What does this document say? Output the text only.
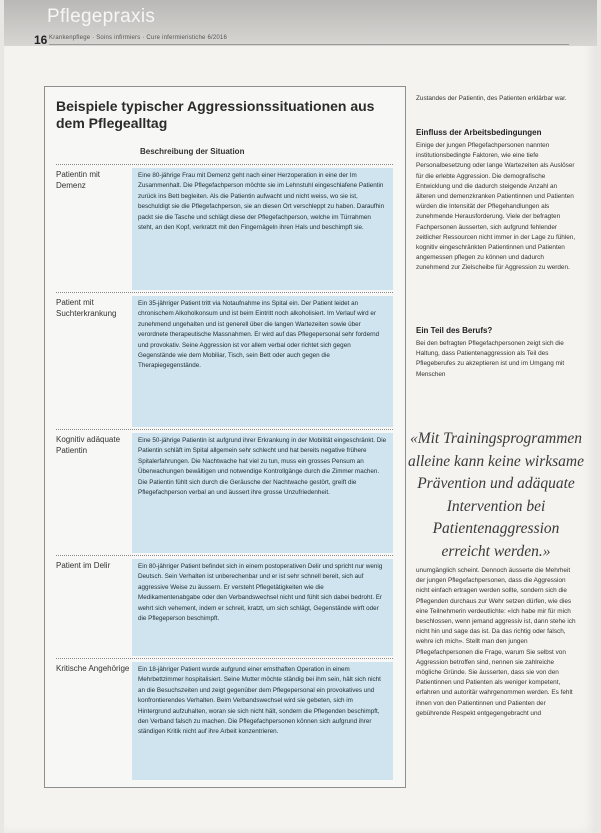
Pflegepraxis
16 Krankenpflege · Soins infirmiers · Cure infermieristiche 6/2016
Beispiele typischer Aggressionssituationen aus dem Pflegealltag
Beschreibung der Situation
Patientin mit Demenz
Eine 80-jährige Frau mit Demenz geht nach einer Herzoperation in eine der Im Zusammenhalt. Die Pflegefachperson möchte sie im Lehnstuhl eingeschlafene Patientin zurück ins Bett begleiten. Als die Patientin aufwacht und nicht weiss, wo sie ist, beschuldigt sie die Pflegefachperson, sie an diesen Ort verschleppt zu haben. Daraufhin packt sie die Tasche und schlägt diese der Pflegefachperson, welche im Türrahmen steht, an den Kopf, verkratzt mit den Fingernägeln ihren Hals und beschimpft sie.
Patient mit Suchterkrankung
Ein 35-jähriger Patient tritt via Notaufnahme ins Spital ein. Der Patient leidet an chronischem Alkoholkonsum und ist beim Eintritt noch alkoholisiert. Im Verlauf wird er zunehmend ungehalten und ist generell über die langen Wartezeiten sowie über verordnete therapeutische Massnahmen. Er wird auf das Pflegepersonal sehr fordernd und provokativ. Seine Aggression ist vor allem verbal oder richtet sich gegen Gegenstände wie dem Mobiliar, Tisch, sein Bett oder auch gegen die Therapiegegenstände.
Kognitiv adäquate Patientin
Eine 50-jährige Patientin ist aufgrund ihrer Erkrankung in der Mobilität eingeschränkt. Die Patientin schläft im Spital allgemein sehr schlecht und hat bereits negative frühere Spitalerfahrungen. Die Nachtwache hat viel zu tun, muss ein grosses Pensum an Überwachungen bewältigen und notwendige Kontrollgänge durch die Zimmer machen. Die Patientin fühlt sich durch die Geräusche der Nachtwache gestört, greift die Pflegefachperson verbal an und äussert ihre grosse Unzufriedenheit.
Patient im Delir	Ein 80-jähriger Patient befindet sich in einem postoperativen Delir und spricht nur wenig Deutsch. Sein Verhalten ist unberechenbar und er ist sehr schnell bereit, sich auf aggressive Weise zu äussern. Er versteht Pflegetätigkeiten wie die Medikamentenabgabe oder den Verbandswechsel nicht und fühlt sich dabei bedroht. Er wehrt sich vehement, indem er schreit, kratzt, um sich schlägt, Gegenstände wirft oder die Pflegeperson beschimpft.
Kritische Angehörige	Ein 18-jähriger Patient wurde aufgrund einer ernsthaften Operation in einem Mehrbettzimmer hospitalisiert. Seine Mutter möchte ständig bei ihm sein, hält sich nicht an die Besuchszeiten und zeigt gegenüber dem Pflegepersonal ein provokatives und konfrontierendes Verhalten. Beim Verbandswechsel wird sie gebeten, sich im Hintergrund aufzuhalten, woran sie sich nicht hält, sondern die Pflegenden beschimpft, den Verband falsch zu machen. Die Pflegefachpersonen können sich aufgrund ihrer ständigen Kritik nicht auf ihre Arbeit konzentrieren.
Zustandes der Patientin, des Patienten erklärbar war.
Einfluss der Arbeitsbedingungen
Einige der jungen Pflegefachpersonen nannten institutionsbedingte Faktoren, wie eine tiefe Personalbesetzung oder lange Wartezeiten als Auslöser für die erlebte Aggression. Die demografische Entwicklung und die dadurch steigende Anzahl an älteren und demenzkranken Patientinnen und Patienten würden die Intensität der Pflegehandlungen als zunehmende Herausforderung. Viele der befragten Fachpersonen äusserten, sich aufgrund fehlender zeitlicher Ressourcen nicht immer in der Lage zu fühlen, kognitiv eingeschränkten Patientinnen und Patienten angemessen pflegen zu können und dadurch zunehmend zur Zielscheibe für Aggression zu werden.
Ein Teil des Berufs?
Bei den befragten Pflegefachpersonen zeigt sich die Haltung, dass Patientenaggression als Teil des Pflegeberufes zu akzeptieren ist und im Umgang mit Menschen
«Mit Trainingsprogrammen alleine kann keine wirksame Prävention und adäquate Intervention bei Patientenaggression erreicht werden.»
unumgänglich scheint. Dennoch äusserte die Mehrheit der jungen Pflegefachpersonen, dass die Aggression nicht einfach ertragen werden sollte, sondern sich die Pflegenden durchaus zur Wehr setzen dürfen, wie dies eine Teilnehmerin verdeutlichte: «Ich habe mir für mich beschlossen, wenn jemand aggressiv ist, dann stehe ich nicht hin und sage das ist. Da das richtig oder falsch, wehre ich mich». Stellt man den jungen Pflegefachpersonen die Frage, warum Sie selbst von Aggression betroffen sind, nennen sie zahlreiche mögliche Gründe. Sie äusserten, dass sie von den Patientinnen und Patienten als weniger kompetent, erfahren und autoritär wahrgenommen werden. Es fehlt ihnen von den Patientinnen und Patienten der gebührende Respekt entgegengebracht und
